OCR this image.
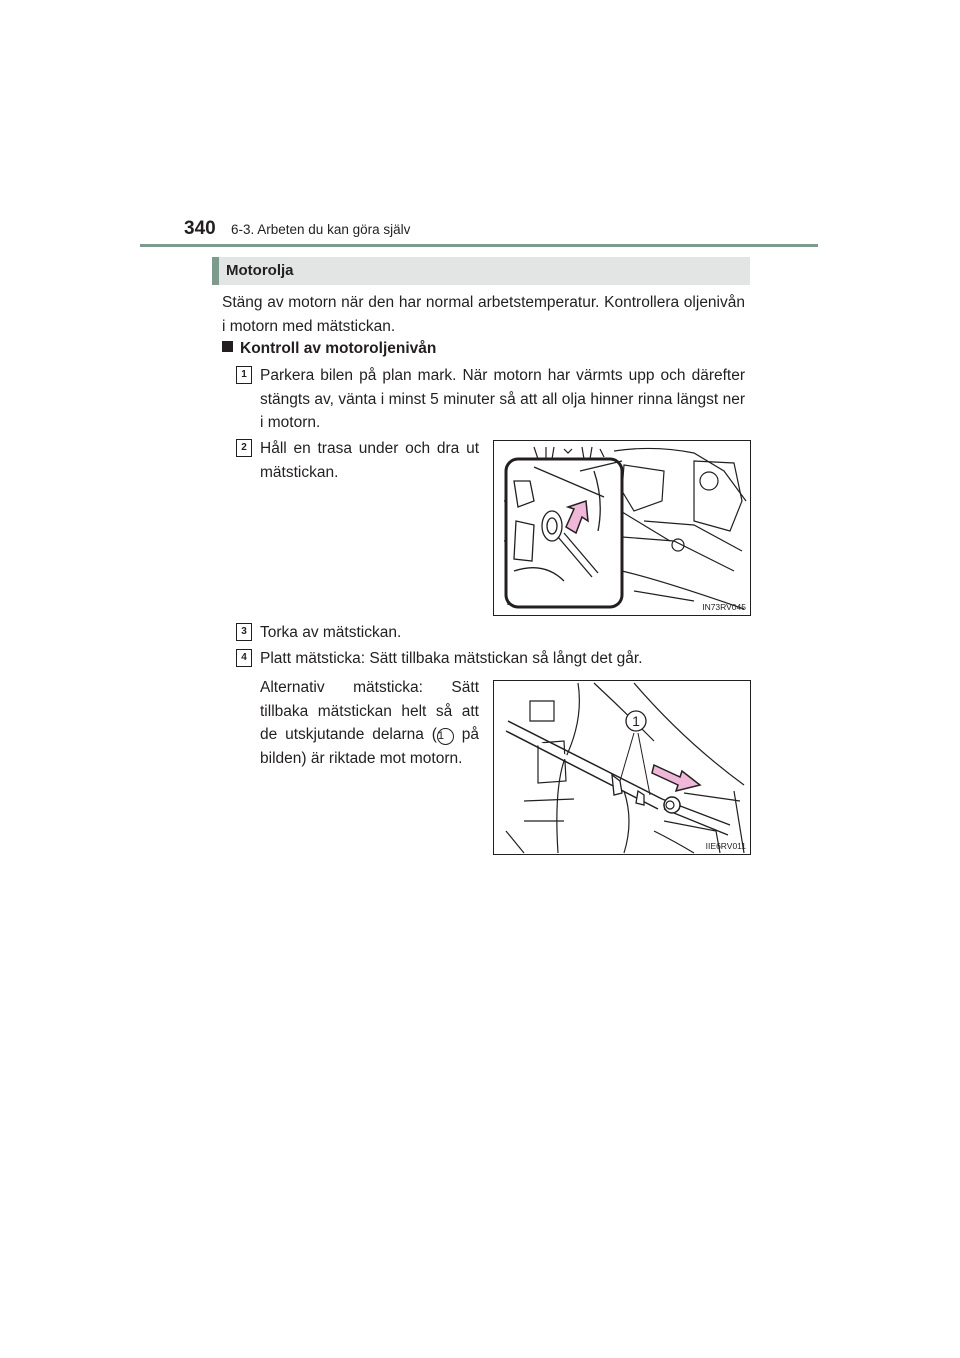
340 6-3. Arbeten du kan göra själv
Motorolja
Stäng av motorn när den har normal arbetstemperatur. Kontrollera oljenivån i motorn med mätstickan.
Kontroll av motoroljenivån
1 Parkera bilen på plan mark. När motorn har värmts upp och därefter stängts av, vänta i minst 5 minuter så att all olja hinner rinna längst ner i motorn.
2 Håll en trasa under och dra ut mätstickan.
IN73RV045
3 Torka av mätstickan.
4 Platt mätsticka: Sätt tillbaka mätstickan så långt det går.
Alternativ mätsticka: Sätt tillbaka mätstickan helt så att de utskjutande delarna (1 på bilden) är riktade mot motorn.
1
IIE6RV011
